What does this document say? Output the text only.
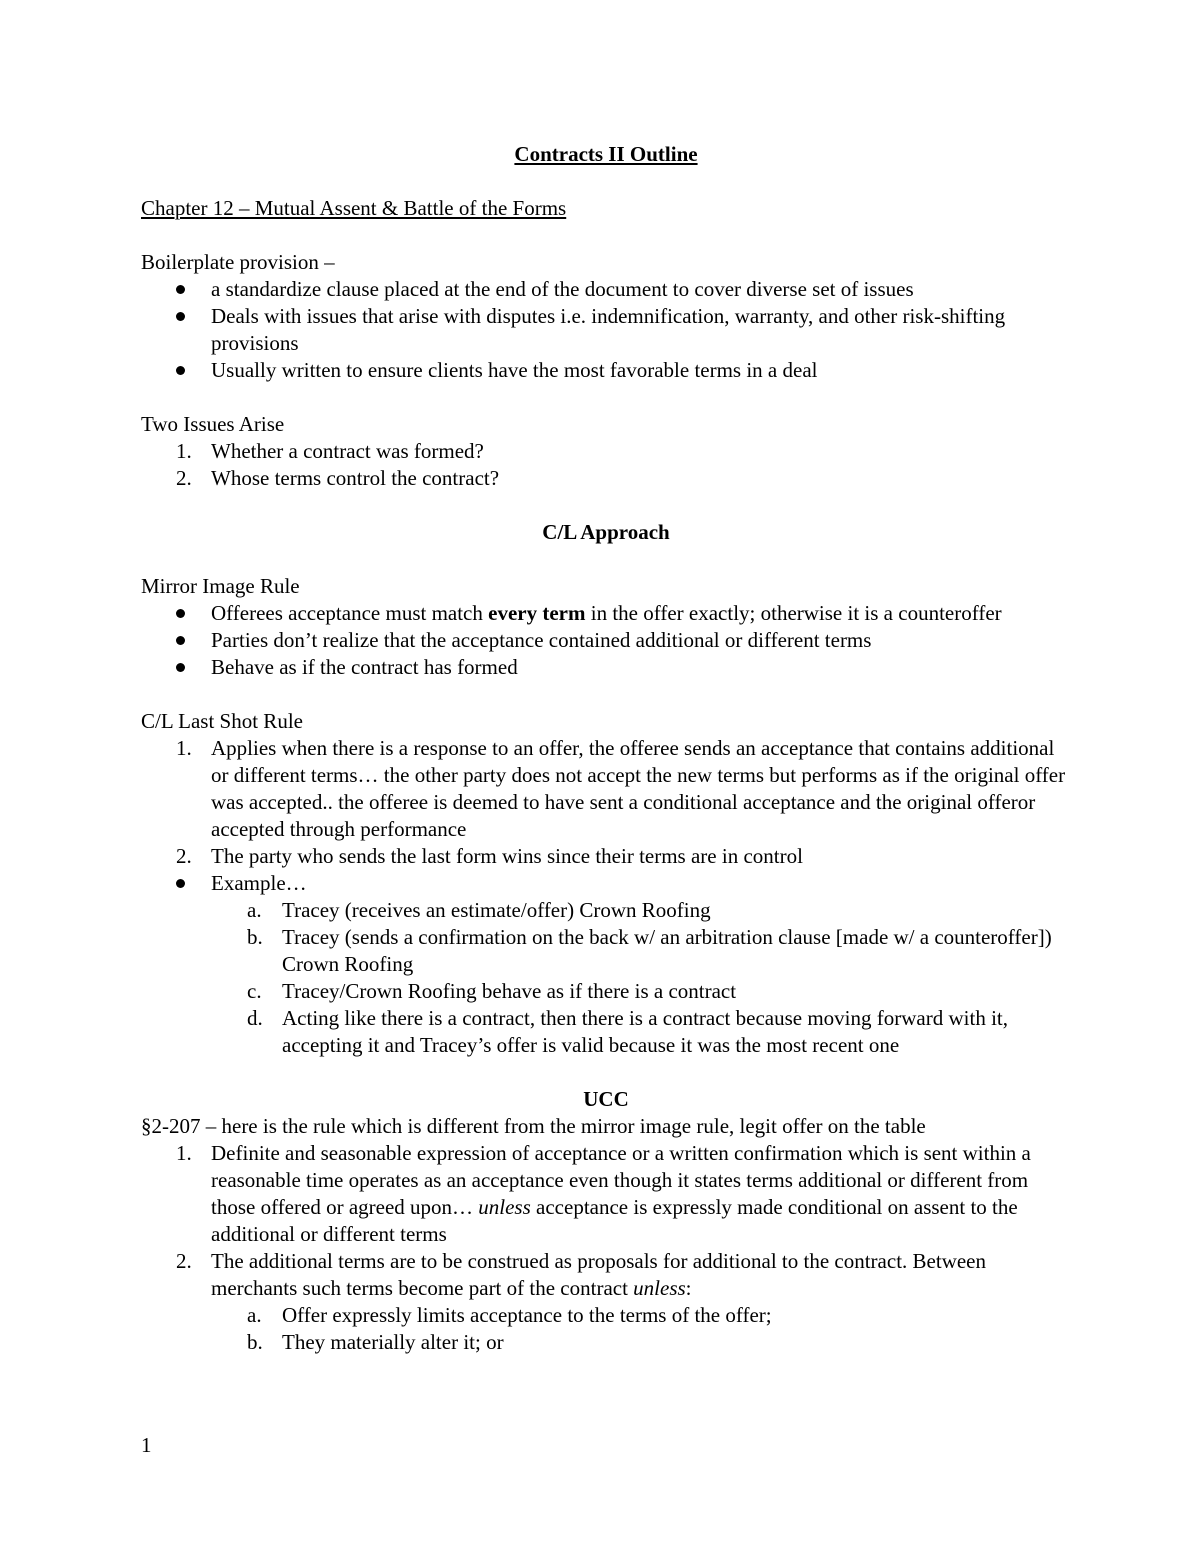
Contracts II Outline

Chapter 12 – Mutual Assent & Battle of the Forms

Boilerplate provision –

a standardize clause placed at the end of the document to cover diverse set of issues
Deals with issues that arise with disputes i.e. indemnification, warranty, and other risk-shifting provisions
Usually written to ensure clients have the most favorable terms in a deal

Two Issues Arise

1. Whether a contract was formed?
2. Whose terms control the contract?

C/L Approach

Mirror Image Rule

Offerees acceptance must match every term in the offer exactly; otherwise it is a counteroffer
Parties don’t realize that the acceptance contained additional or different terms
Behave as if the contract has formed

C/L Last Shot Rule

1. Applies when there is a response to an offer, the offeree sends an acceptance that contains additional or different terms… the other party does not accept the new terms but performs as if the original offer was accepted.. the offeree is deemed to have sent a conditional acceptance and the original offeror accepted through performance
2. The party who sends the last form wins since their terms are in control
Example…
a. Tracey (receives an estimate/offer) Crown Roofing
b. Tracey (sends a confirmation on the back w/ an arbitration clause [made w/ a counteroffer]) Crown Roofing
c. Tracey/Crown Roofing behave as if there is a contract
d. Acting like there is a contract, then there is a contract because moving forward with it, accepting it and Tracey’s offer is valid because it was the most recent one

UCC

§2-207 – here is the rule which is different from the mirror image rule, legit offer on the table

1. Definite and seasonable expression of acceptance or a written confirmation which is sent within a reasonable time operates as an acceptance even though it states terms additional or different from those offered or agreed upon… unless acceptance is expressly made conditional on assent to the additional or different terms
2. The additional terms are to be construed as proposals for additional to the contract. Between merchants such terms become part of the contract unless:
a. Offer expressly limits acceptance to the terms of the offer;
b. They materially alter it; or
1
